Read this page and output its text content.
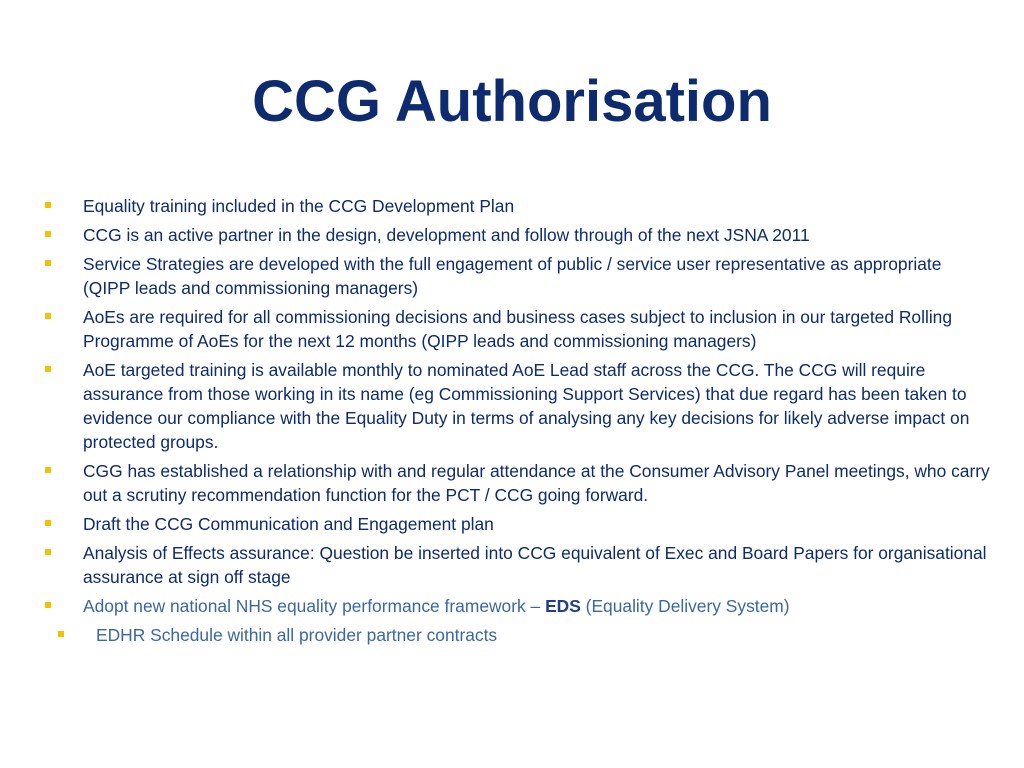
CCG Authorisation
Equality training included in the CCG Development Plan
CCG is an active partner in the design, development and follow through of the next JSNA 2011
Service Strategies are developed with the full engagement of public / service user representative as appropriate (QIPP leads and commissioning managers)
AoEs are required for all commissioning decisions and business cases subject to inclusion in our targeted Rolling Programme of AoEs for the next 12 months (QIPP leads and commissioning managers)
AoE targeted training is available monthly to nominated AoE Lead staff across the CCG. The CCG will require assurance from those working in its name (eg Commissioning Support Services) that due regard has been taken to evidence our compliance with the Equality Duty in terms of analysing any key decisions for likely adverse impact on protected groups.
CGG has established a relationship with and regular attendance at the Consumer Advisory Panel meetings, who carry out a scrutiny recommendation function for the PCT / CCG going forward.
Draft the CCG Communication and Engagement plan
Analysis of Effects assurance: Question be inserted into CCG equivalent of Exec and Board Papers for organisational assurance at sign off stage
Adopt new national NHS equality performance framework – EDS (Equality Delivery System)
EDHR Schedule within all provider partner contracts
